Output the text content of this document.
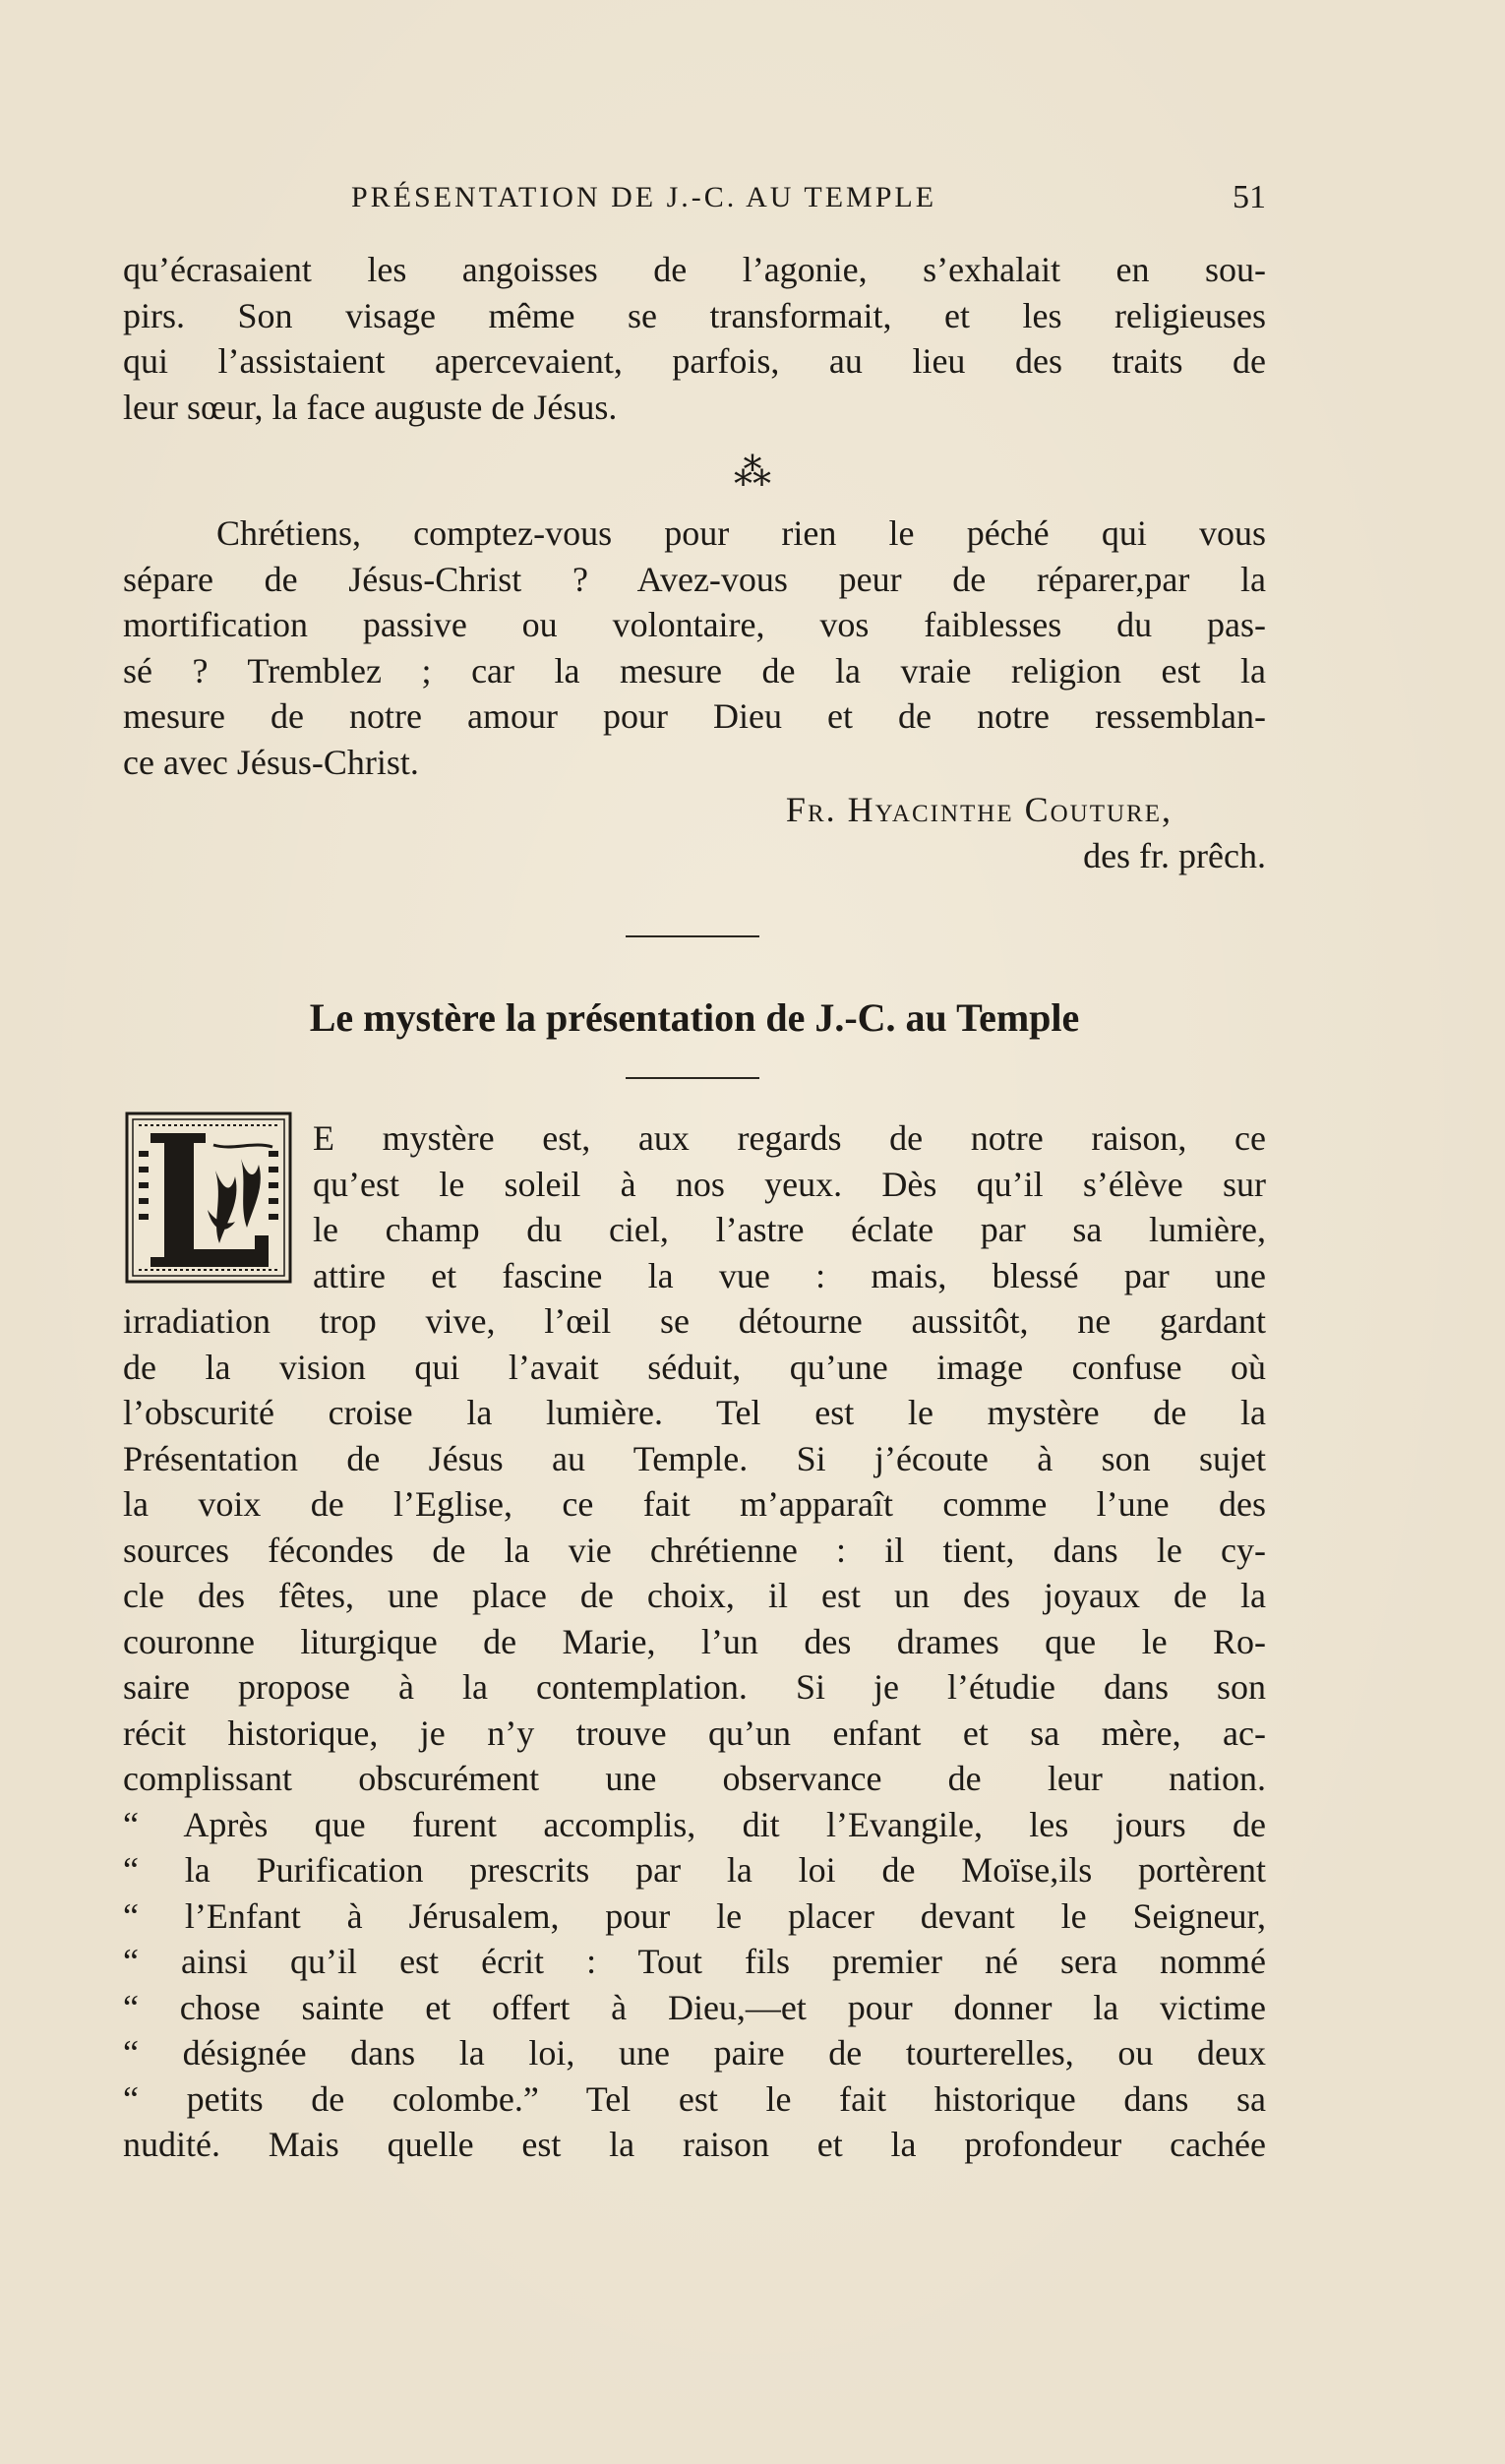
PRÉSENTATION DE J.-C. AU TEMPLE	51
qu’écrasaient les angoisses de l’agonie, s’exhalait en sou-
pirs. Son visage même se transformait, et les religieuses
qui l’assistaient apercevaient, parfois, au lieu des traits de
leur sœur, la face auguste de Jésus.
⁂
Chrétiens, comptez-vous pour rien le péché qui vous
sépare de Jésus-Christ ? Avez-vous peur de réparer,par la
mortification passive ou volontaire, vos faiblesses du pas-
sé ? Tremblez ; car la mesure de la vraie religion est la
mesure de notre amour pour Dieu et de notre ressemblan-
ce avec Jésus-Christ.
Fr. Hyacinthe Couture,
des fr. prêch.
Le mystère la présentation de J.-C. au Temple
E mystère est, aux regards de notre raison, ce
qu’est le soleil à nos yeux. Dès qu’il s’élève sur
le champ du ciel, l’astre éclate par sa lumière,
attire et fascine la vue : mais, blessé par une
irradiation trop vive, l’œil se détourne aussitôt, ne gardant
de la vision qui l’avait séduit, qu’une image confuse où
l’obscurité croise la lumière. Tel est le mystère de la
Présentation de Jésus au Temple. Si j’écoute à son sujet
la voix de l’Eglise, ce fait m’apparaît comme l’une des
sources fécondes de la vie chrétienne : il tient, dans le cy-
cle des fêtes, une place de choix, il est un des joyaux de la
couronne liturgique de Marie, l’un des drames que le Ro-
saire propose à la contemplation. Si je l’étudie dans son
récit historique, je n’y trouve qu’un enfant et sa mère, ac-
complissant obscurément une observance de leur nation.
“ Après que furent accomplis, dit l’Evangile, les jours de
“ la Purification prescrits par la loi de Moïse,ils portèrent
“ l’Enfant à Jérusalem, pour le placer devant le Seigneur,
“ ainsi qu’il est écrit : Tout fils premier né sera nommé
“ chose sainte et offert à Dieu,—et pour donner la victime
“ désignée dans la loi, une paire de tourterelles, ou deux
“ petits de colombe.” Tel est le fait historique dans sa
nudité. Mais quelle est la raison et la profondeur cachée
